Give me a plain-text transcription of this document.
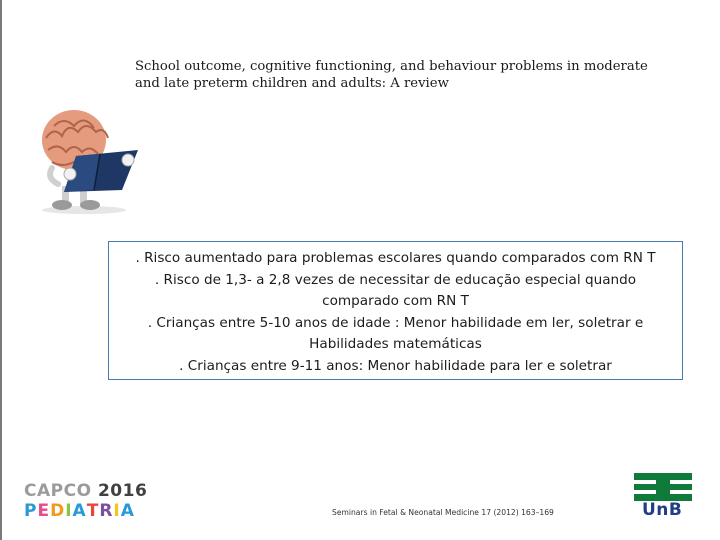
School outcome, cognitive functioning, and behaviour problems in moderate
and late preterm children and adults: A review
. Risco aumentado para problemas escolares quando comparados com RN T
. Risco de 1,3- a 2,8 vezes de necessitar de educação especial quando
comparado com RN T
. Crianças entre 5-10 anos de idade : Menor habilidade em ler, soletrar e
Habilidades matemáticas
. Crianças entre 9-11 anos: Menor habilidade para ler e soletrar
CAPCO 2016
PEDIATRIA	Seminars in Fetal & Neonatal Medicine 17 (2012) 163–169	UnB
